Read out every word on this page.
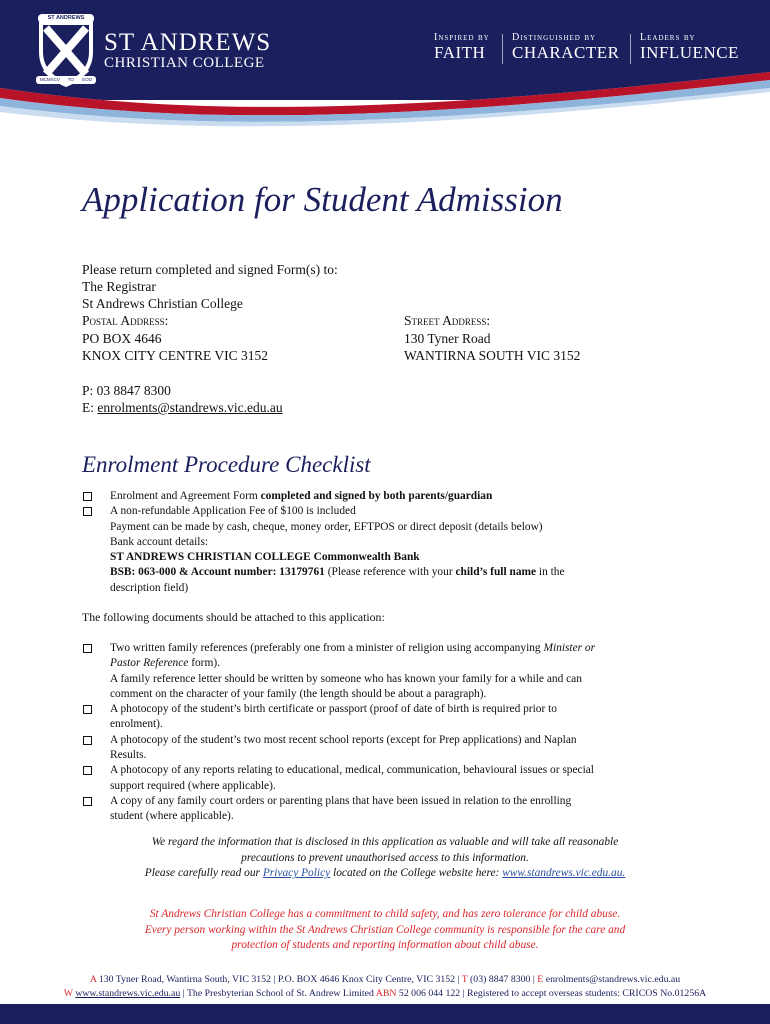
ST ANDREWS
MCMXCV TO GOD
ST ANDREWS
CHRISTIAN COLLEGE
Inspired by
FAITH
Distinguished by
CHARACTER
Leaders by
INFLUENCE
Application for Student Admission
Please return completed and signed Form(s) to:
The Registrar
St Andrews Christian College
Postal Address:
PO BOX 4646
KNOX CITY CENTRE VIC 3152
Street Address:
130 Tyner Road
WANTIRNA SOUTH VIC 3152
P: 03 8847 8300
E: enrolments@standrews.vic.edu.au
Enrolment Procedure Checklist
Enrolment and Agreement Form completed and signed by both parents/guardian
A non-refundable Application Fee of $100 is included
Payment can be made by cash, cheque, money order, EFTPOS or direct deposit (details below)
Bank account details:
ST ANDREWS CHRISTIAN COLLEGE Commonwealth Bank
BSB: 063-000 & Account number: 13179761 (Please reference with your child’s full name in the
description field)
The following documents should be attached to this application:
Two written family references (preferably one from a minister of religion using accompanying Minister or
Pastor Reference form).
A family reference letter should be written by someone who has known your family for a while and can
comment on the character of your family (the length should be about a paragraph).
A photocopy of the student’s birth certificate or passport (proof of date of birth is required prior to
enrolment).
A photocopy of the student’s two most recent school reports (except for Prep applications) and Naplan
Results.
A photocopy of any reports relating to educational, medical, communication, behavioural issues or special
support required (where applicable).
A copy of any family court orders or parenting plans that have been issued in relation to the enrolling
student (where applicable).
We regard the information that is disclosed in this application as valuable and will take all reasonable
precautions to prevent unauthorised access to this information.
Please carefully read our Privacy Policy located on the College website here: www.standrews.vic.edu.au.
St Andrews Christian College has a commitment to child safety, and has zero tolerance for child abuse.
Every person working within the St Andrews Christian College community is responsible for the care and
protection of students and reporting information about child abuse.
A 130 Tyner Road, Wantirna South, VIC 3152 | P.O. BOX 4646 Knox City Centre, VIC 3152 | T (03) 8847 8300 | E enrolments@standrews.vic.edu.au
W www.standrews.vic.edu.au | The Presbyterian School of St. Andrew Limited ABN 52 006 044 122 | Registered to accept overseas students: CRICOS No.01256A
